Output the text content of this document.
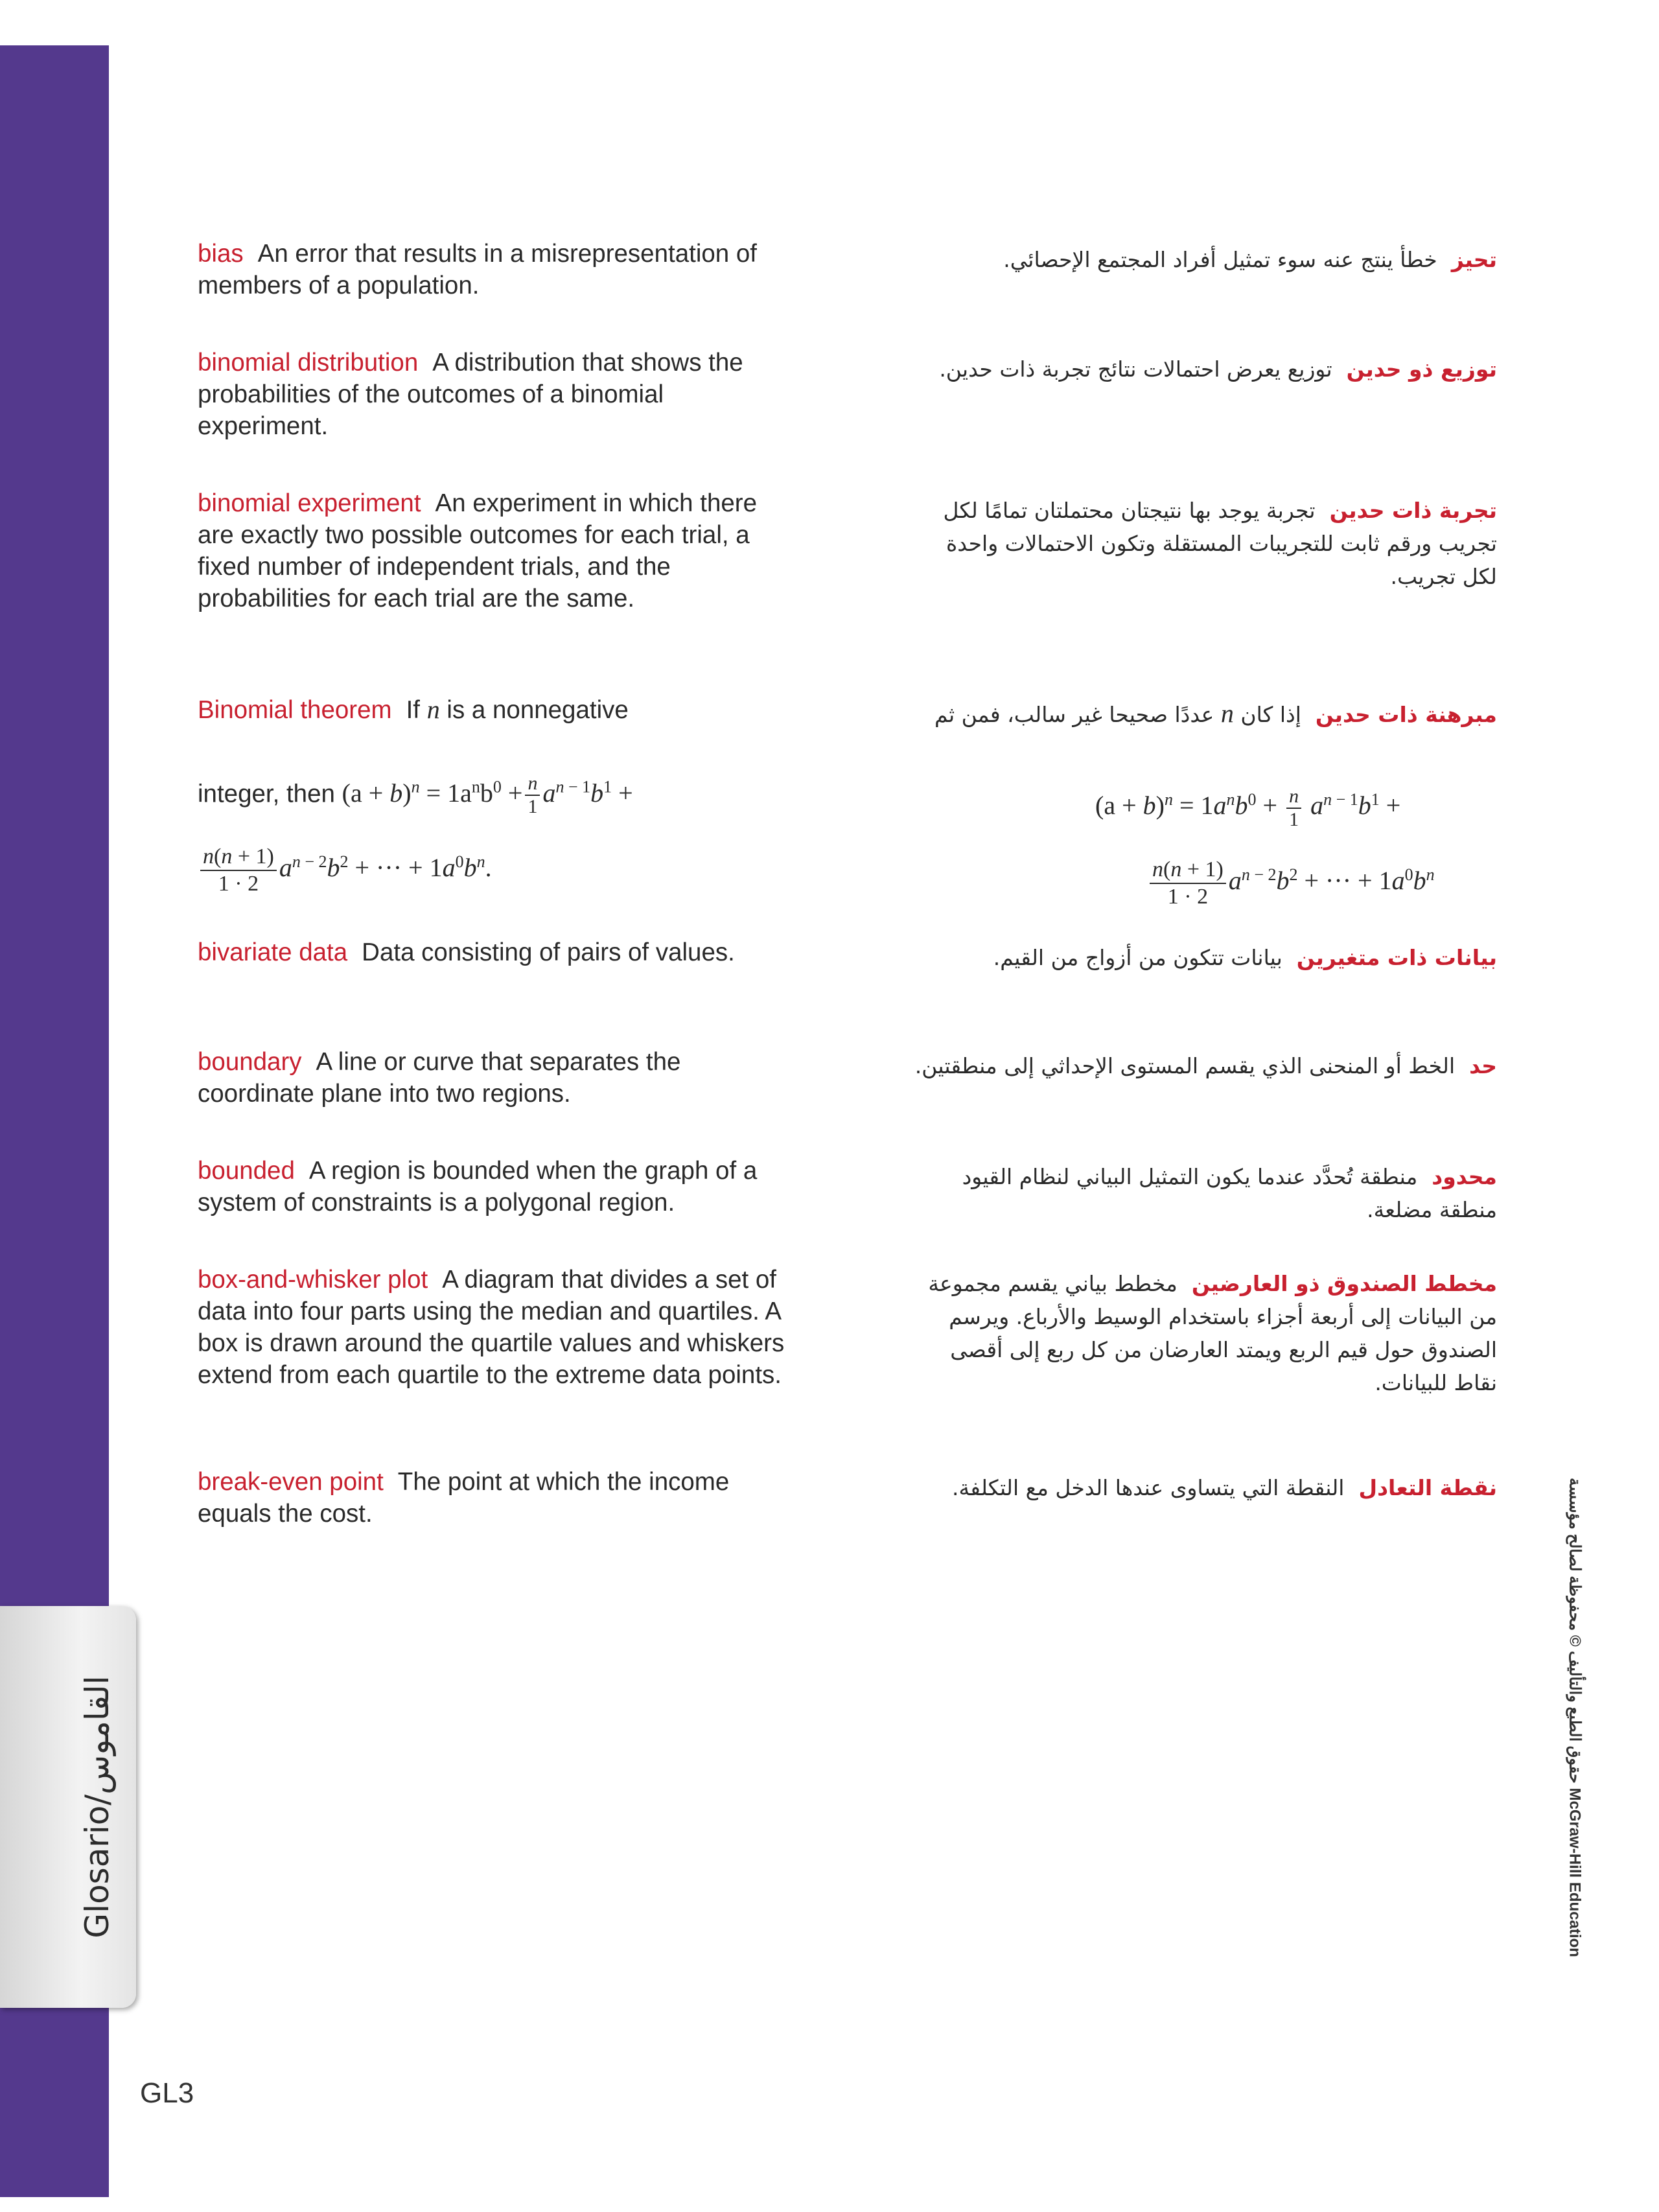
Glosario/القاموس
GL3
حقوق الطبع والتأليف © محفوظة لصالح مؤسسة McGraw-Hill Education
bias An error that results in a misrepresentation of members of a population.
تحيزخطأ ينتج عنه سوء تمثيل أفراد المجتمع الإحصائي.
binomial distribution A distribution that shows the probabilities of the outcomes of a binomial experiment.
توزيع ذو حدينتوزيع يعرض احتمالات نتائج تجربة ذات حدين.
binomial experiment An experiment in which there are exactly two possible outcomes for each trial, a fixed number of independent trials, and the probabilities for each trial are the same.
تجربة ذات حدينتجربة يوجد بها نتيجتان محتملتان تمامًا لكل تجريب ورقم ثابت للتجريبات المستقلة وتكون الاحتمالات واحدة لكل تجريب.
Binomial theorem If n is a nonnegative
integer, then $(a + b)^n = 1a^nb^0 + \frac{n}{1} a^{n - 1}b^1$ +
$\frac{n(n + 1)}{1 \cdot 2} a^{n - 2}b^2$ + ··· + $1a^0b^n$.
مبرهنة ذات حدينإذا كان n عددًا صحيحا غير سالب، فمن ثم
$(a + b)^n = 1a^nb^0 + \frac{n}{1} a^{n - 1}b^1$ +
$\frac{n(n + 1)}{1 \cdot 2} a^{n - 2}b^2$ + ··· + $1a^0b^n$
bivariate data Data consisting of pairs of values.	بيانات ذات متغيرينبيانات تتكون من أزواج من القيم.
boundary A line or curve that separates the coordinate plane into two regions.
حدالخط أو المنحنى الذي يقسم المستوى الإحداثي إلى منطقتين.
bounded A region is bounded when the graph of a system of constraints is a polygonal region.
محدودمنطقة تُحدَّد عندما يكون التمثيل البياني لنظام القيود منطقة مضلعة.
box-and-whisker plot A diagram that divides a set of data into four parts using the median and quartiles. A box is drawn around the quartile values and whiskers extend from each quartile to the extreme data points.
مخطط الصندوق ذو العارضينمخطط بياني يقسم مجموعة من البيانات إلى أربعة أجزاء باستخدام الوسيط والأرباع. ويرسم الصندوق حول قيم الربع ويمتد العارضان من كل ربع إلى أقصى نقاط للبيانات.
break-even point The point at which the income equals the cost.
نقطة التعادلالنقطة التي يتساوى عندها الدخل مع التكلفة.
